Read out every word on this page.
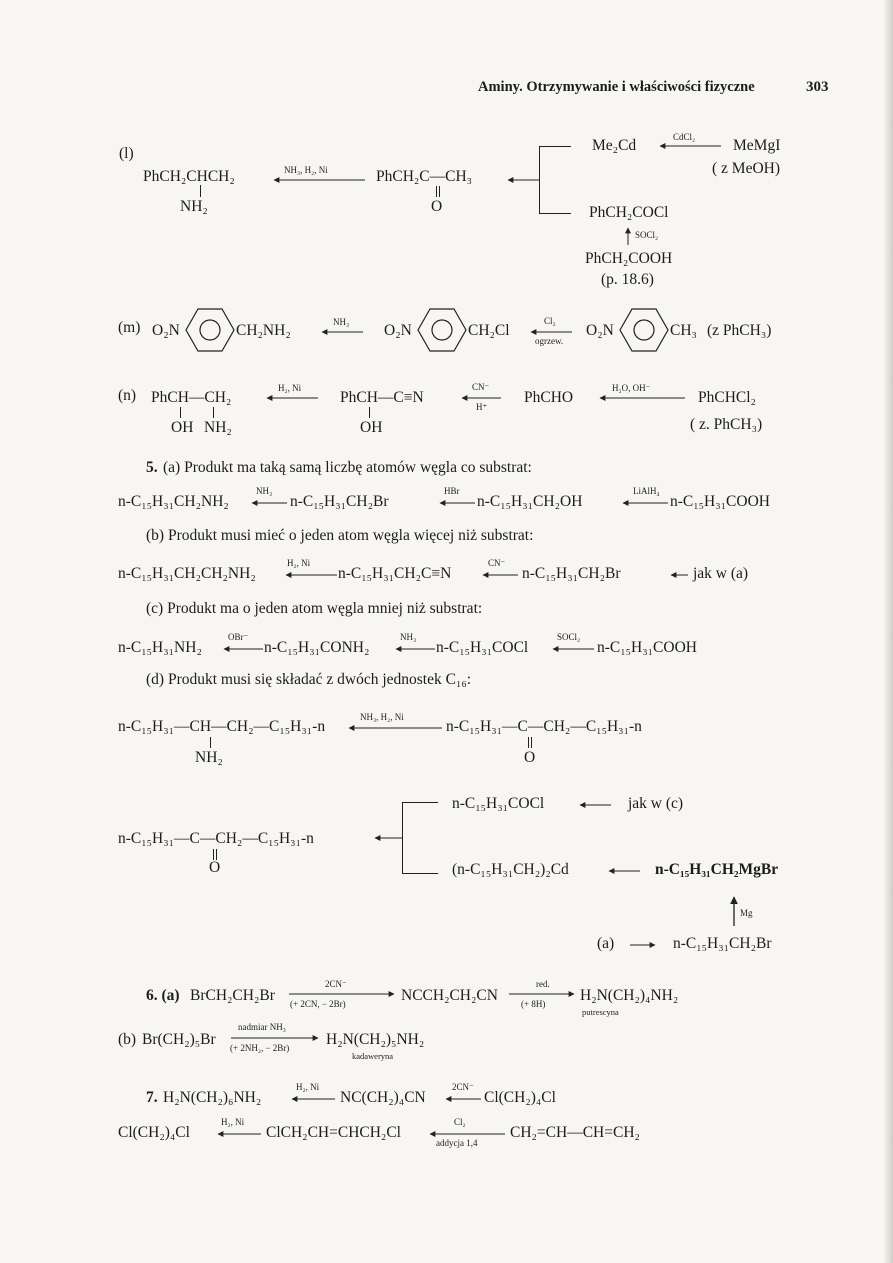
Aminy. Otrzymywanie i właściwości fizyczne	303
(l)
PhCH₂CHCH₂
NH₂
NH₃, H₂, Ni	PhCH₂C—CH₃
O
Me₂Cd	CdCl₂ MeMgI
( z MeOH)
PhCH₂COCl
SOCl₂
PhCH₂COOH
(p. 18.6)
(m) O₂N	CH₂NH₂	NH₃ O₂N	CH₂Cl
Cl₂
ogrzew.
O₂N	CH₃ (z PhCH₃)
(n) PhCH—CH₂
OH NH₂
H₂, Ni
PhCH—C≡N
OH
CN⁻
H⁺
PhCHO
H₂O, OH⁻
PhCHCl₂
( z. PhCH₃)
5. (a) Produkt ma taką samą liczbę atomów węgla co substrat:
n-C₁₅H₃₁CH₂NH₂
NH₃
n-C₁₅H₃₁CH₂Br
HBr
n-C₁₅H₃₁CH₂OH
LiAlH₄
n-C₁₅H₃₁COOH
(b) Produkt musi mieć o jeden atom węgla więcej niż substrat:
n-C₁₅H₃₁CH₂CH₂NH₂
H₂, Ni
n-C₁₅H₃₁CH₂C≡N
CN⁻
n-C₁₅H₃₁CH₂Br	jak w (a)
(c) Produkt ma o jeden atom węgla mniej niż substrat:
n-C₁₅H₃₁NH₂
OBr⁻
n-C₁₅H₃₁CONH₂
NH₃
n-C₁₅H₃₁COCl
SOCl₂
n-C₁₅H₃₁COOH
(d) Produkt musi się składać z dwóch jednostek C₁₆:
n-C₁₅H₃₁—CH—CH₂—C₁₅H₃₁-n
NH₂
NH₃, H₂, Ni
n-C₁₅H₃₁—C—CH₂—C₁₅H₃₁-n
O
n-C₁₅H₃₁—C—CH₂—C₁₅H₃₁-n
O
n-C₁₅H₃₁COCl	jak w (c)
(n-C₁₅H₃₁CH₂)₂Cd	n-C₁₅H₃₁CH₂MgBr
Mg
(a)	n-C₁₅H₃₁CH₂Br
6. (a) BrCH₂CH₂Br
2CN⁻
(+ 2CN, − 2Br)	NCCH₂CH₂CN
red.
(+ 8H) H₂N(CH₂)₄NH₂
putrescyna
(b) Br(CH₂)₅Br
nadmiar NH₃
(+ 2NH₂, − 2Br) H₂N(CH₂)₅NH₂
kadaweryna
7. H₂N(CH₂)₆NH₂
H₂, Ni
NC(CH₂)₄CN
2CN⁻
Cl(CH₂)₄Cl
Cl(CH₂)₄Cl
H₂, Ni
ClCH₂CH=CHCH₂Cl
Cl₂
addycja 1,4
CH₂=CH—CH=CH₂
